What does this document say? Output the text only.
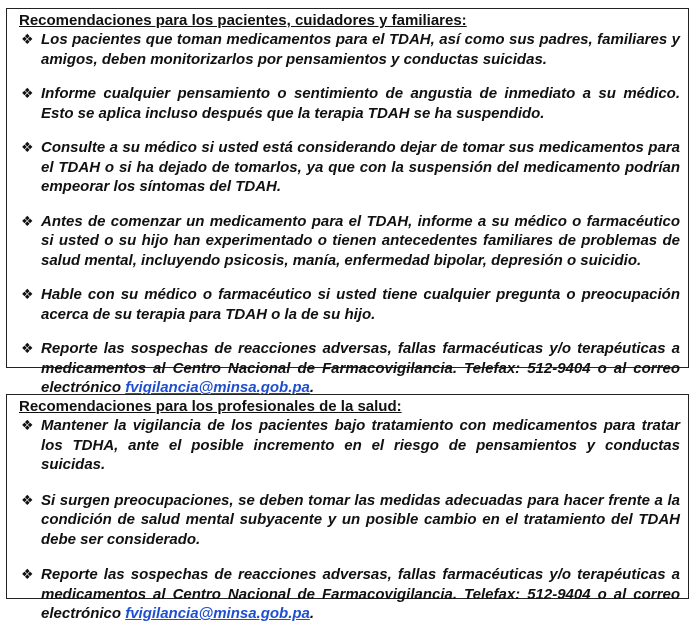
Recomendaciones para los pacientes, cuidadores y familiares:

❖ Los pacientes que toman medicamentos para el TDAH, así como sus padres, familiares y amigos, deben monitorizarlos por pensamientos y conductas suicidas.
❖ Informe cualquier pensamiento o sentimiento de angustia de inmediato a su médico. Esto se aplica incluso después que la terapia TDAH se ha suspendido.
❖ Consulte a su médico si usted está considerando dejar de tomar sus medicamentos para el TDAH o si ha dejado de tomarlos, ya que con la suspensión del medicamento podrían empeorar los síntomas del TDAH.
❖ Antes de comenzar un medicamento para el TDAH, informe a su médico o farmacéutico si usted o su hijo han experimentado o tienen antecedentes familiares de problemas de salud mental, incluyendo psicosis, manía, enfermedad bipolar, depresión o suicidio.
❖ Hable con su médico o farmacéutico si usted tiene cualquier pregunta o preocupación acerca de su terapia para TDAH o la de su hijo.
❖ Reporte las sospechas de reacciones adversas, fallas farmacéuticas y/o terapéuticas a medicamentos al Centro Nacional de Farmacovigilancia. Telefax: 512-9404 o al correo electrónico fvigilancia@minsa.gob.pa.

Recomendaciones para los profesionales de la salud:

❖ Mantener la vigilancia de los pacientes bajo tratamiento con medicamentos para tratar los TDHA, ante el posible incremento en el riesgo de pensamientos y conductas suicidas.
❖ Si surgen preocupaciones, se deben tomar las medidas adecuadas para hacer frente a la condición de salud mental subyacente y un posible cambio en el tratamiento del TDAH debe ser considerado.
❖ Reporte las sospechas de reacciones adversas, fallas farmacéuticas y/o terapéuticas a medicamentos al Centro Nacional de Farmacovigilancia. Telefax: 512-9404 o al correo electrónico fvigilancia@minsa.gob.pa.
